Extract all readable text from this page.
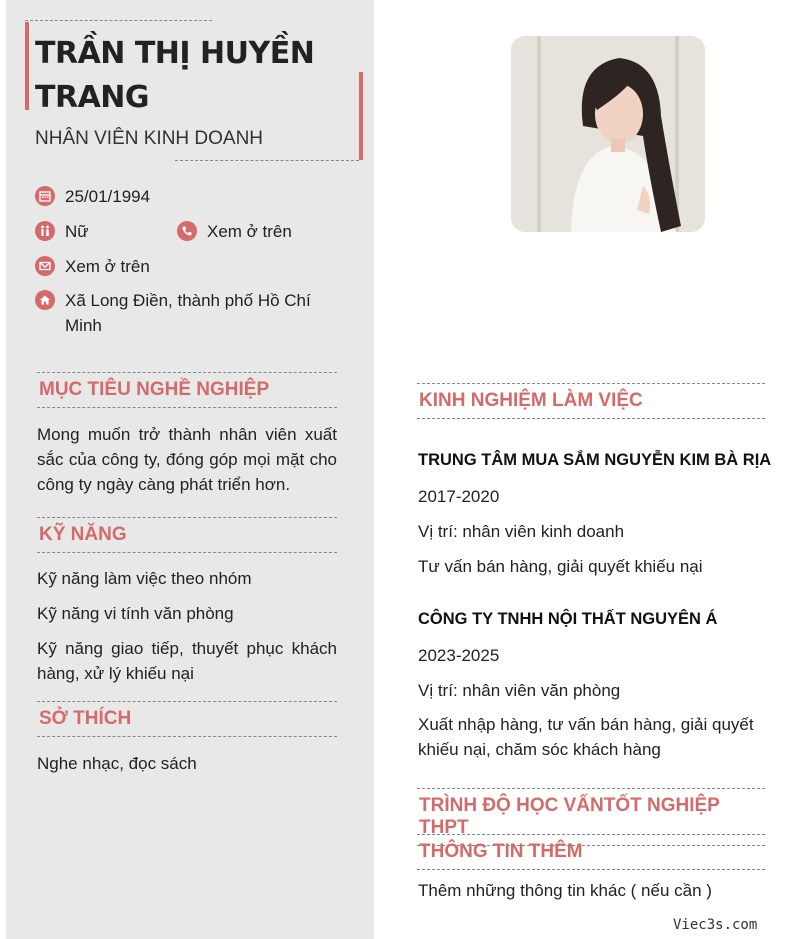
TRẦN THỊ HUYỀN TRANG
NHÂN VIÊN KINH DOANH
25/01/1994
Nữ	Xem ở trên
Xem ở trên
Xã Long Điền, thành phố Hồ Chí Minh
MỤC TIÊU NGHỀ NGHIỆP
Mong muốn trở thành nhân viên xuất sắc của công ty, đóng góp mọi mặt cho công ty ngày càng phát triển hơn.
KỸ NĂNG
Kỹ năng làm việc theo nhóm
Kỹ năng vi tính văn phòng
Kỹ năng giao tiếp, thuyết phục khách hàng, xử lý khiếu nại
SỞ THÍCH
Nghe nhạc, đọc sách
KINH NGHIỆM LÀM VIỆC
TRUNG TÂM MUA SẮM NGUYỄN KIM BÀ RỊA
2017-2020
Vị trí: nhân viên kinh doanh
Tư vấn bán hàng, giải quyết khiếu nại
CÔNG TY TNHH NỘI THẤT NGUYÊN Á
2023-2025
Vị trí: nhân viên văn phòng
Xuất nhập hàng, tư vấn bán hàng, giải quyết khiếu nại, chăm sóc khách hàng
TRÌNH ĐỘ HỌC VẤNTỐT NGHIỆP THPT
THÔNG TIN THÊM
Thêm những thông tin khác ( nếu cần )
Viec3s.com
